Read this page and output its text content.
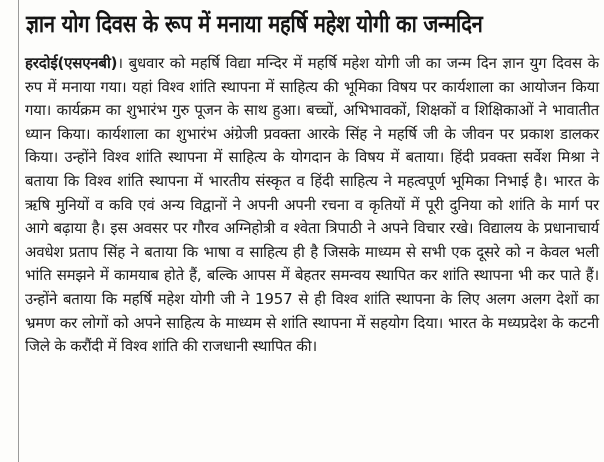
ज्ञान योग दिवस के रूप में मनाया महर्षि महेश योगी का जन्मदिन

हरदोई(एसएनबी)। बुधवार को महर्षि विद्या मन्दिर में महर्षि महेश योगी जी का जन्म दिन ज्ञान युग दिवस के रुप में मनाया गया। यहां विश्व शांति स्थापना में साहित्य की भूमिका विषय पर कार्यशाला का आयोजन किया गया। कार्यक्रम का शुभारंभ गुरु पूजन के साथ हुआ। बच्चों, अभिभावकों, शिक्षकों व शिक्षिकाओं ने भावातीत ध्यान किया। कार्यशाला का शुभारंभ अंग्रेजी प्रवक्ता आरके सिंह ने महर्षि जी के जीवन पर प्रकाश डालकर किया। उन्होंने विश्व शांति स्थापना में साहित्य के योगदान के विषय में बताया। हिंदी प्रवक्ता सर्वेश मिश्रा ने बताया कि विश्व शांति स्थापना में भारतीय संस्कृत व हिंदी साहित्य ने महत्वपूर्ण भूमिका निभाई है। भारत के ऋषि मुनियों व कवि एवं अन्य विद्वानों ने अपनी अपनी रचना व कृतियों में पूरी दुनिया को शांति के मार्ग पर आगे बढ़ाया है। इस अवसर पर गौरव अग्निहोत्री व श्वेता त्रिपाठी ने अपने विचार रखे। विद्यालय के प्रधानाचार्य अवधेश प्रताप सिंह ने बताया कि भाषा व साहित्य ही है जिसके माध्यम से सभी एक दूसरे को न केवल भली भांति समझने में कामयाब होते हैं, बल्कि आपस में बेहतर समन्वय स्थापित कर शांति स्थापना भी कर पाते हैं। उन्होंने बताया कि महर्षि महेश योगी जी ने 1957 से ही विश्व शांति स्थापना के लिए अलग अलग देशों का भ्रमण कर लोगों को अपने साहित्य के माध्यम से शांति स्थापना में सहयोग दिया। भारत के मध्यप्रदेश के कटनी जिले के करौंदी में विश्व शांति की राजधानी स्थापित की।
